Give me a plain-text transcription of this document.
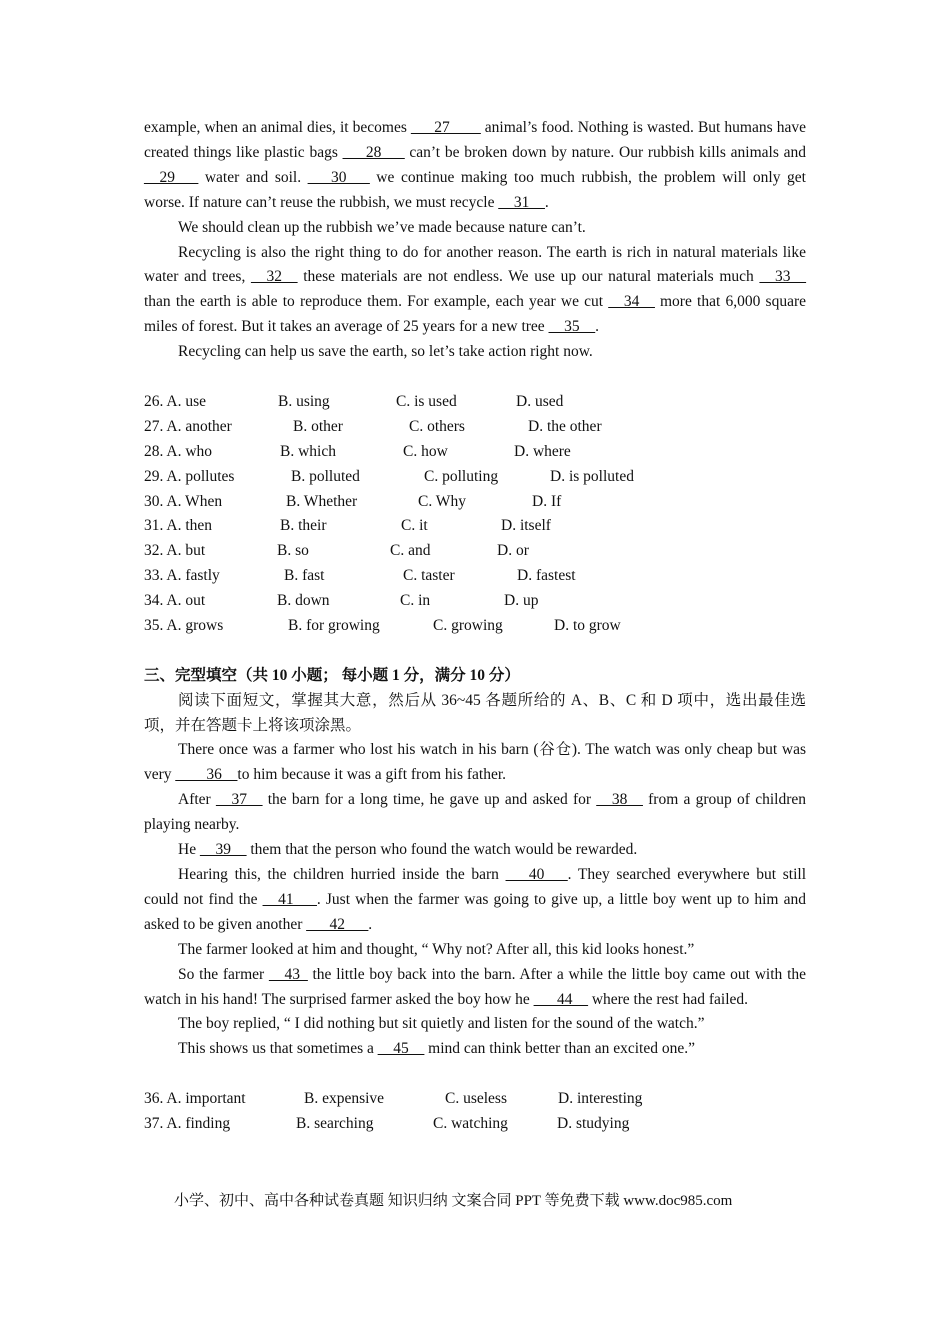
example, when an animal dies, it becomes ___27____ animal’s food. Nothing is wasted. But humans have created things like plastic bags ___28___ can’t be broken down by nature. Our rubbish kills animals and __29___ water and soil. ___30___ we continue making too much rubbish, the problem will only get worse. If nature can’t reuse the rubbish, we must recycle __31__.

We should clean up the rubbish we’ve made because nature can’t.

Recycling is also the right thing to do for another reason. The earth is rich in natural materials like water and trees, __32__ these materials are not endless. We use up our natural materials much __33__ than the earth is able to reproduce them. For example, each year we cut __34__ more that 6,000 square miles of forest. But it takes an average of 25 years for a new tree __35__.

Recycling can help us save the earth, so let’s take action right now.

26. A. use	B. using	C. is used	D. used
27. A. another	B. other	C. others	D. the other
28. A. who	B. which	C. how	D. where
29. A. pollutes	B. polluted	C. polluting	D. is polluted
30. A. When	B. Whether	C. Why	D. If
31. A. then	B. their	C. it	D. itself
32. A. but	B. so	C. and	D. or
33. A. fastly	B. fast	C. taster	D. fastest
34. A. out	B. down	C. in	D. up
35. A. grows	B. for growing	C. growing	D. to grow
三、完型填空（共 10 小题； 每小题 1 分，满分 10 分）

阅读下面短文，掌握其大意，然后从 36~45 各题所给的 A、B、C 和 D 项中，选出最佳选项，并在答题卡上将该项涂黑。

There once was a farmer who lost his watch in his barn (谷仓). The watch was only cheap but was very ____36__to him because it was a gift from his father.

After __37__ the barn for a long time, he gave up and asked for __38__ from a group of children playing nearby.

He __39__ them that the person who found the watch would be rewarded.

Hearing this, the children hurried inside the barn ___40___. They searched everywhere but still could not find the __41___. Just when the farmer was going to give up, a little boy went up to him and asked to be given another ___42___.

The farmer looked at him and thought, “ Why not? After all, this kid looks honest.”

So the farmer __43_ the little boy back into the barn. After a while the little boy came out with the watch in his hand! The surprised farmer asked the boy how he ___44__ where the rest had failed.

The boy replied, “ I did nothing but sit quietly and listen for the sound of the watch.”

This shows us that sometimes a __45__ mind can think better than an excited one.”

36. A. important	B. expensive	C. useless	D. interesting
37. A. finding	B. searching	C. watching	D. studying
小学、初中、高中各种试卷真题 知识归纳 文案合同 PPT 等免费下载 www.doc985.com
